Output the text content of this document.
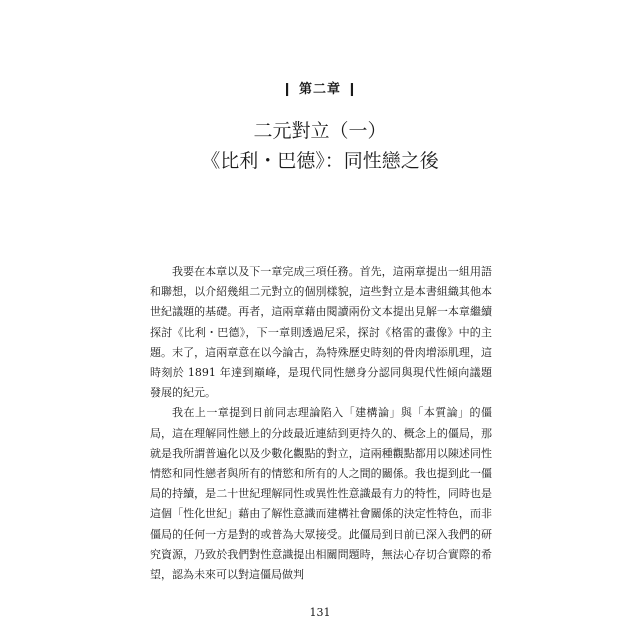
❙ 第二章 ❙
二元對立（一）
《比利・巴德》：同性戀之後

我要在本章以及下一章完成三項任務。首先，這兩章提出一組用語和聯想，以介紹幾組二元對立的個別樣貌，這些對立是本書組織其他本世紀議題的基礎。再者，這兩章藉由閱讀兩份文本提出見解一本章繼續探討《比利・巴德》，下一章則透過尼采，探討《格雷的畫像》中的主題。末了，這兩章意在以今論古，為特殊歷史時刻的骨肉增添肌理，這時刻於 1891 年達到巔峰，是現代同性戀身分認同與現代性傾向議題發展的紀元。

我在上一章提到日前同志理論陷入「建構論」與「本質論」的僵局，這在理解同性戀上的分歧最近連結到更持久的、概念上的僵局，那就是我所謂普遍化以及少數化觀點的對立，這兩種觀點都用以陳述同性情慾和同性戀者與所有的情慾和所有的人之間的關係。我也提到此一僵局的持續，是二十世紀理解同性或異性性意識最有力的特性，同時也是這個「性化世紀」藉由了解性意識而建構社會關係的決定性特色，而非僵局的任何一方是對的或普為大眾接受。此僵局到日前已深入我們的研究資源，乃致於我們對性意識提出相關問題時，無法心存切合實際的希望，認為未來可以對這僵局做判

131
